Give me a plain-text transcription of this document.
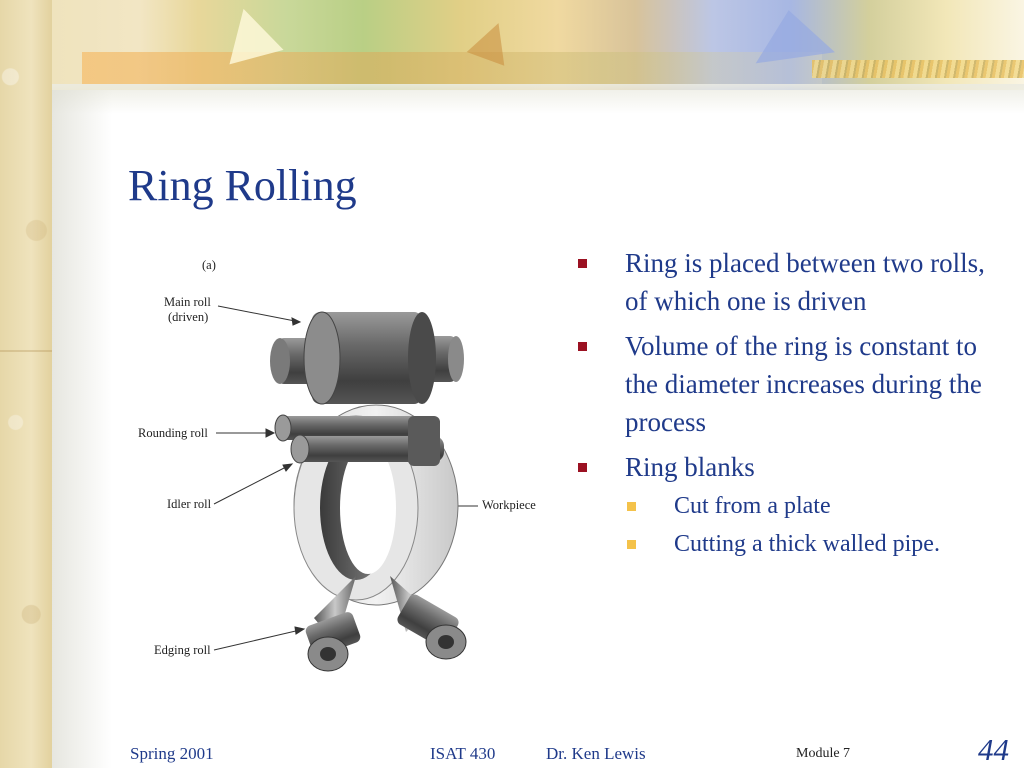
Ring Rolling
(a)
Main roll
(driven)
Rounding roll
Idler roll	Workpiece
Edging roll
Ring is placed between two rolls, of which one is driven
Volume of the ring is constant to the diameter increases during the process
Ring blanks
Cut from a plate
Cutting a thick walled pipe.
Spring 2001	ISAT 430	Dr. Ken Lewis	Module 7	44
